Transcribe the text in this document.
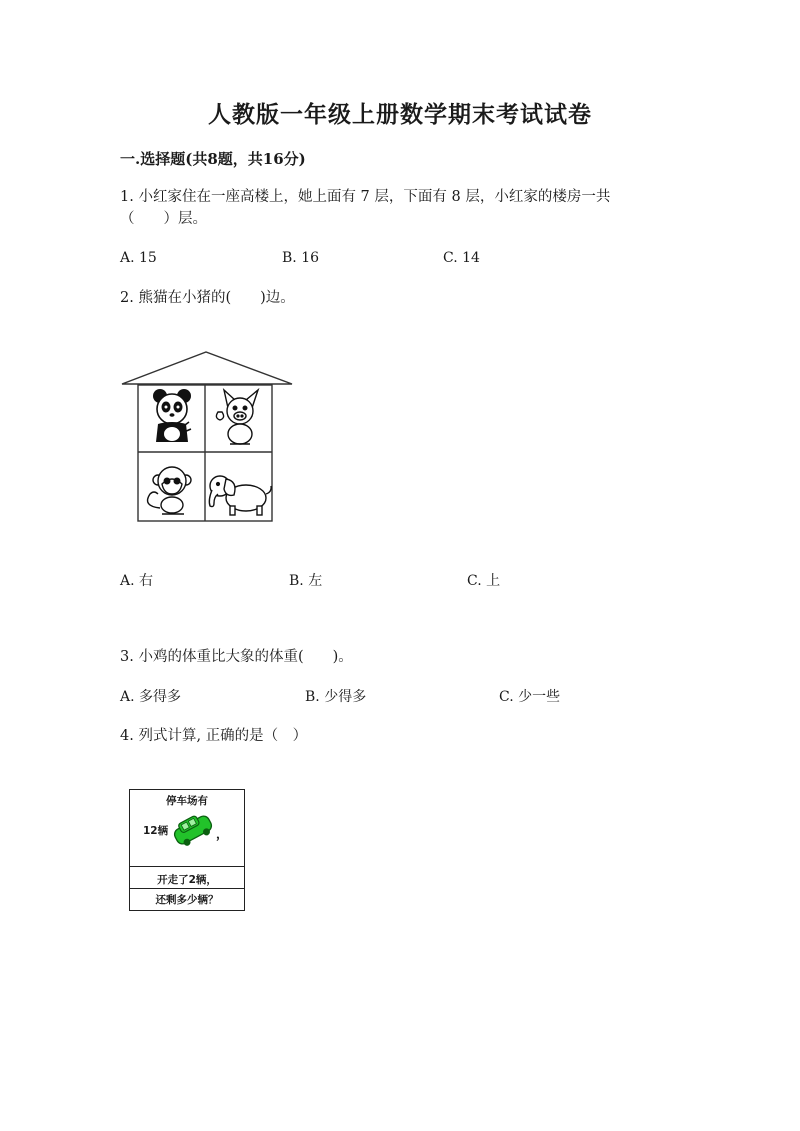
人教版一年级上册数学期末考试试卷
一.选择题(共8题，共16分)
1. 小红家住在一座高楼上，她上面有 7 层，下面有 8 层，小红家的楼房一共
（　　）层。
A. 15	B. 16	C. 14
2. 熊猫在小猪的(　　)边。
A. 右	B. 左	C. 上
3. 小鸡的体重比大象的体重(　　)。
A. 多得多	B. 少得多	C. 少一些
4. 列式计算, 正确的是（　）
停车场有
12辆	，
开走了2辆，
还剩多少辆？
